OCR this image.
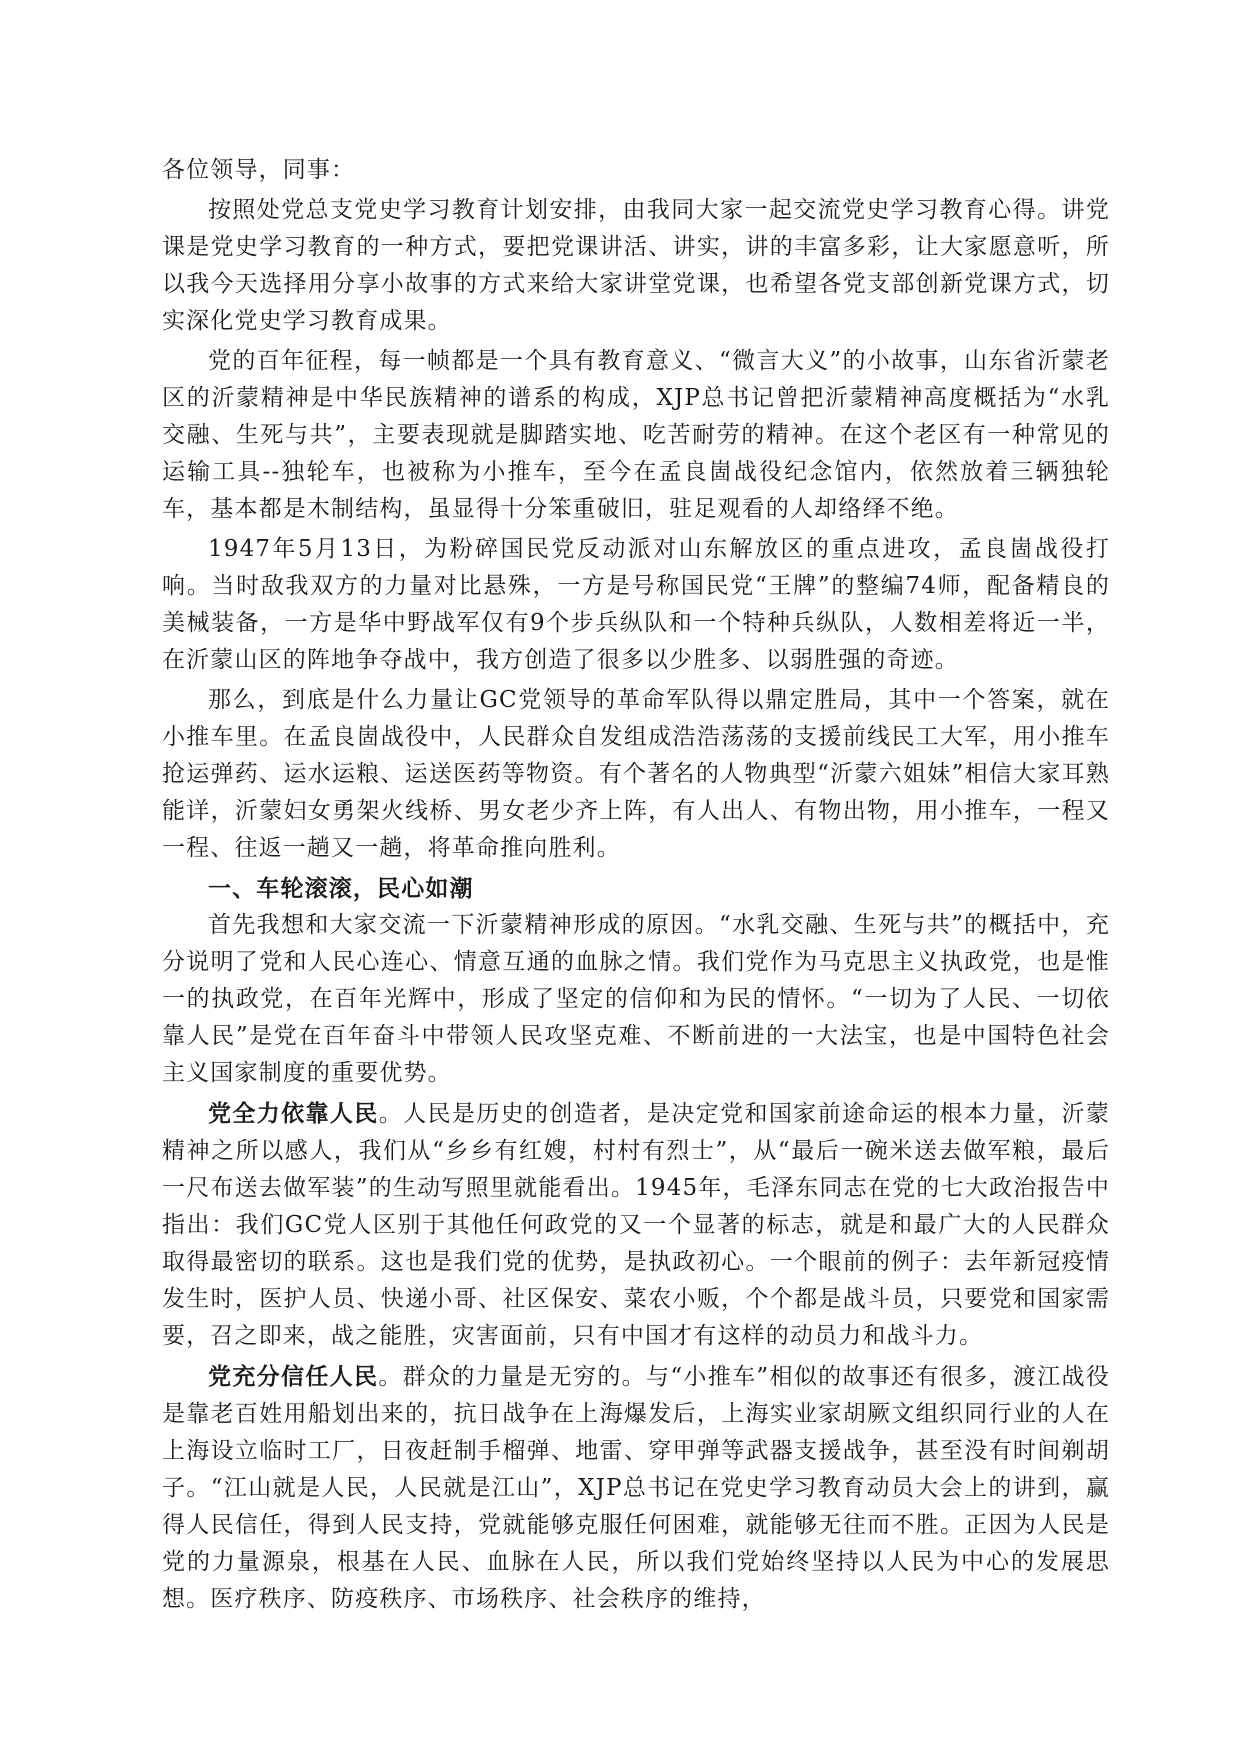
各位领导，同事：

按照处党总支党史学习教育计划安排，由我同大家一起交流党史学习教育心得。讲党课是党史学习教育的一种方式，要把党课讲活、讲实，讲的丰富多彩，让大家愿意听，所以我今天选择用分享小故事的方式来给大家讲堂党课，也希望各党支部创新党课方式，切实深化党史学习教育成果。

党的百年征程，每一帧都是一个具有教育意义、“微言大义”的小故事，山东省沂蒙老区的沂蒙精神是中华民族精神的谱系的构成，XJP总书记曾把沂蒙精神高度概括为“水乳交融、生死与共”，主要表现就是脚踏实地、吃苦耐劳的精神。在这个老区有一种常见的运输工具--独轮车，也被称为小推车，至今在孟良崮战役纪念馆内，依然放着三辆独轮车，基本都是木制结构，虽显得十分笨重破旧，驻足观看的人却络绎不绝。

1947年5月13日，为粉碎国民党反动派对山东解放区的重点进攻，孟良崮战役打响。当时敌我双方的力量对比悬殊，一方是号称国民党“王牌”的整编74师，配备精良的美械装备，一方是华中野战军仅有9个步兵纵队和一个特种兵纵队，人数相差将近一半，在沂蒙山区的阵地争夺战中，我方创造了很多以少胜多、以弱胜强的奇迹。

那么，到底是什么力量让GC党领导的革命军队得以鼎定胜局，其中一个答案，就在小推车里。在孟良崮战役中，人民群众自发组成浩浩荡荡的支援前线民工大军，用小推车抢运弹药、运水运粮、运送医药等物资。有个著名的人物典型“沂蒙六姐妹”相信大家耳熟能详，沂蒙妇女勇架火线桥、男女老少齐上阵，有人出人、有物出物，用小推车，一程又一程、往返一趟又一趟，将革命推向胜利。

一、车轮滚滚，民心如潮

首先我想和大家交流一下沂蒙精神形成的原因。“水乳交融、生死与共”的概括中，充分说明了党和人民心连心、情意互通的血脉之情。我们党作为马克思主义执政党，也是惟一的执政党，在百年光辉中，形成了坚定的信仰和为民的情怀。“一切为了人民、一切依靠人民”是党在百年奋斗中带领人民攻坚克难、不断前进的一大法宝，也是中国特色社会主义国家制度的重要优势。

党全力依靠人民。人民是历史的创造者，是决定党和国家前途命运的根本力量，沂蒙精神之所以感人，我们从“乡乡有红嫂，村村有烈士”，从“最后一碗米送去做军粮，最后一尺布送去做军装”的生动写照里就能看出。1945年，毛泽东同志在党的七大政治报告中指出：我们GC党人区别于其他任何政党的又一个显著的标志，就是和最广大的人民群众取得最密切的联系。这也是我们党的优势，是执政初心。一个眼前的例子：去年新冠疫情发生时，医护人员、快递小哥、社区保安、菜农小贩，个个都是战斗员，只要党和国家需要，召之即来，战之能胜，灾害面前，只有中国才有这样的动员力和战斗力。

党充分信任人民。群众的力量是无穷的。与“小推车”相似的故事还有很多，渡江战役是靠老百姓用船划出来的，抗日战争在上海爆发后，上海实业家胡厥文组织同行业的人在上海设立临时工厂，日夜赶制手榴弹、地雷、穿甲弹等武器支援战争，甚至没有时间剃胡子。“江山就是人民，人民就是江山”，XJP总书记在党史学习教育动员大会上的讲到，赢得人民信任，得到人民支持，党就能够克服任何困难，就能够无往而不胜。正因为人民是党的力量源泉，根基在人民、血脉在人民，所以我们党始终坚持以人民为中心的发展思想。医疗秩序、防疫秩序、市场秩序、社会秩序的维持，
